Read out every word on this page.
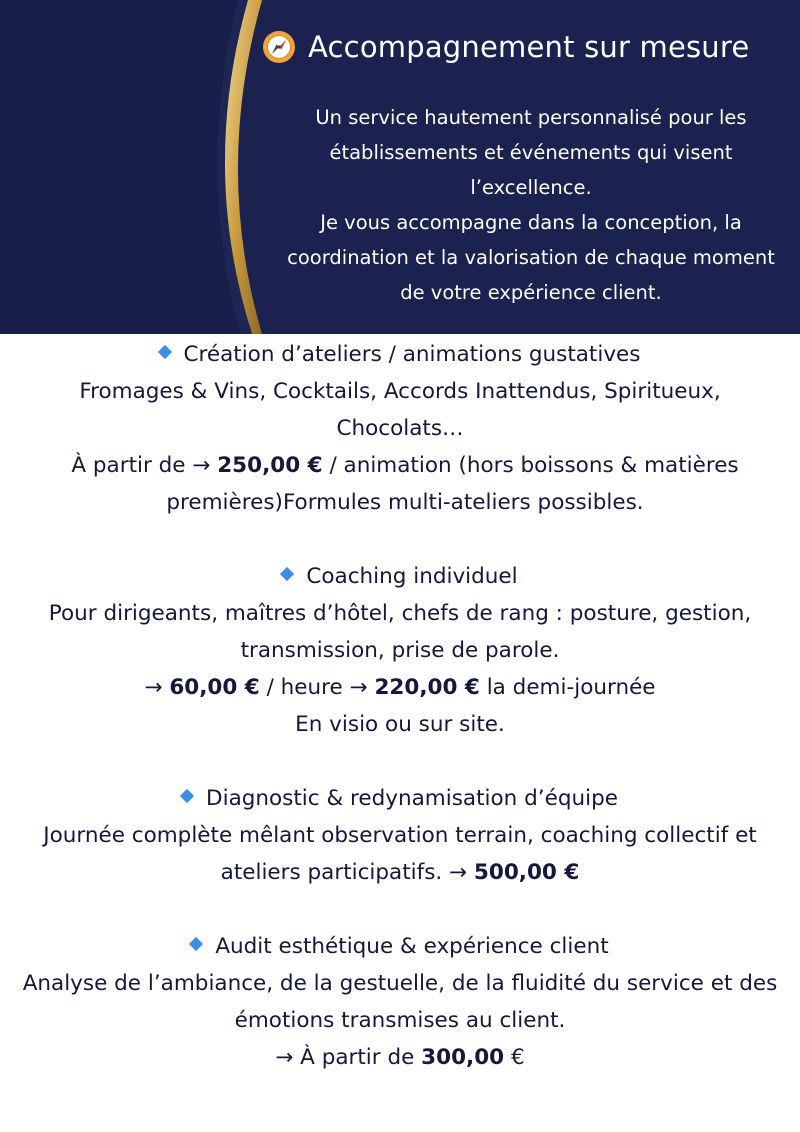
Accompagnement sur mesure

Un service hautement personnalisé pour les établissements et événements qui visent l’excellence.

Je vous accompagne dans la conception, la coordination et la valorisation de chaque moment de votre expérience client.

Création d’ateliers / animations gustatives
Fromages & Vins, Cocktails, Accords Inattendus, Spiritueux, Chocolats…
À partir de → 250,00 € / animation (hors boissons & matières premières)Formules multi-ateliers possibles.
Coaching individuel
Pour dirigeants, maîtres d’hôtel, chefs de rang : posture, gestion, transmission, prise de parole.
→ 60,00 € / heure → 220,00 € la demi-journée
En visio ou sur site.
Diagnostic & redynamisation d’équipe
Journée complète mêlant observation terrain, coaching collectif et ateliers participatifs. → 500,00 €
Audit esthétique & expérience client
Analyse de l’ambiance, de la gestuelle, de la fluidité du service et des émotions transmises au client.
→ À partir de 300,00 €
